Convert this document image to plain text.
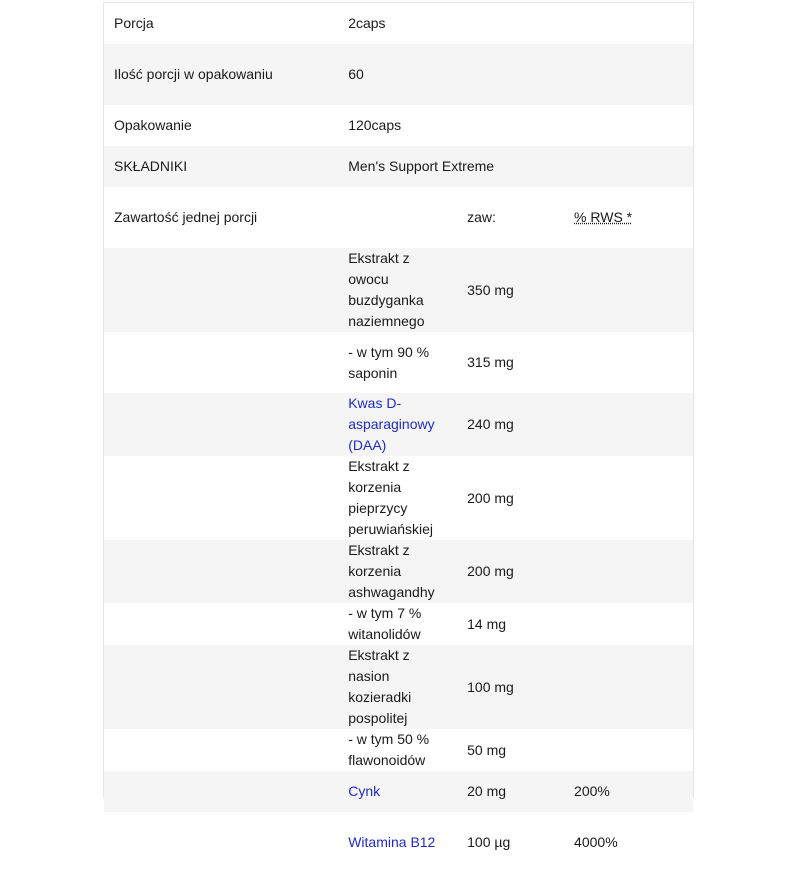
Porcja	2caps		
Ilość porcji w opakowaniu	60		
Opakowanie	120caps		
SKŁADNIKI	Men's Support Extreme		
Zawartość jednej porcji		zaw:	% RWS *
	Ekstrakt z owocu buzdyganka naziemnego	350 mg	
	- w tym 90 % saponin	315 mg	
	Kwas D-asparaginowy (DAA)	240 mg	
	Ekstrakt z korzenia pieprzycy peruwiańskiej	200 mg	
	Ekstrakt z korzenia ashwagandhy	200 mg	
	- w tym 7 % witanolidów	14 mg	
	Ekstrakt z nasion kozieradki pospolitej	100 mg	
	- w tym 50 % flawonoidów	50 mg	
	Cynk	20 mg	200%
	Witamina B12	100 µg	4000%
